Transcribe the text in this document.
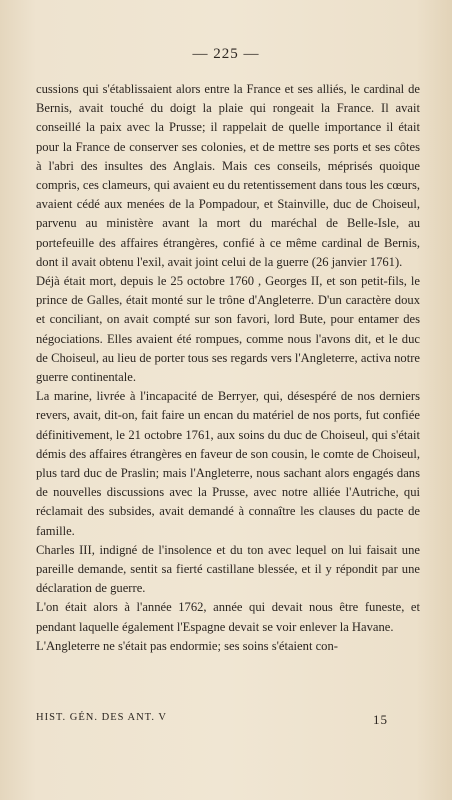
— 225 —

cussions qui s'établissaient alors entre la France et ses alliés, le cardinal de Bernis, avait touché du doigt la plaie qui rongeait la France. Il avait conseillé la paix avec la Prusse; il rappelait de quelle importance il était pour la France de conserver ses colonies, et de mettre ses ports et ses côtes à l'abri des insultes des Anglais. Mais ces conseils, méprisés quoique compris, ces clameurs, qui avaient eu du retentissement dans tous les cœurs, avaient cédé aux menées de la Pompadour, et Stainville, duc de Choiseul, parvenu au ministère avant la mort du maréchal de Belle-Isle, au portefeuille des affaires étrangères, confié à ce même cardinal de Bernis, dont il avait obtenu l'exil, avait joint celui de la guerre (26 janvier 1761).

Déjà était mort, depuis le 25 octobre 1760 , Georges II, et son petit-fils, le prince de Galles, était monté sur le trône d'Angleterre. D'un caractère doux et conciliant, on avait compté sur son favori, lord Bute, pour entamer des négociations. Elles avaient été rompues, comme nous l'avons dit, et le duc de Choiseul, au lieu de porter tous ses regards vers l'Angleterre, activa notre guerre continentale.

La marine, livrée à l'incapacité de Berryer, qui, désespéré de nos derniers revers, avait, dit-on, fait faire un encan du matériel de nos ports, fut confiée définitivement, le 21 octobre 1761, aux soins du duc de Choiseul, qui s'était démis des affaires étrangères en faveur de son cousin, le comte de Choiseul, plus tard duc de Praslin; mais l'Angleterre, nous sachant alors engagés dans de nouvelles discussions avec la Prusse, avec notre alliée l'Autriche, qui réclamait des subsides, avait demandé à connaître les clauses du pacte de famille.

Charles III, indigné de l'insolence et du ton avec lequel on lui faisait une pareille demande, sentit sa fierté castillane blessée, et il y répondit par une déclaration de guerre.

L'on était alors à l'année 1762, année qui devait nous être funeste, et pendant laquelle également l'Espagne devait se voir enlever la Havane.

L'Angleterre ne s'était pas endormie; ses soins s'étaient con-

HIST. GÉN. DES ANT. V	15
